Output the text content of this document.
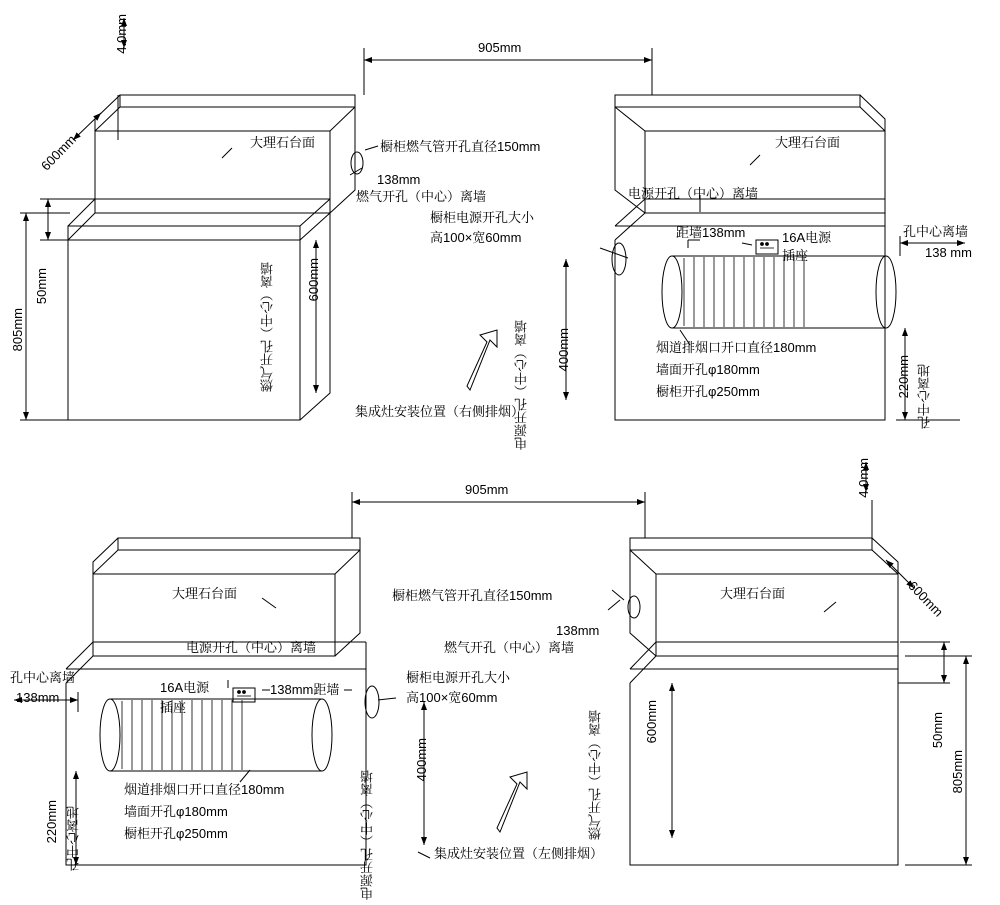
4.0mm	905mm
600mm
805mm
50mm
大理石台面	大理石台面
橱柜燃气管开孔直径150mm
138mm
燃气开孔（中心）离墙
燃气开孔（中心）离墙
橱柜电源开孔大小
高100×宽60mm
电源开孔（中心）离墙
电源开孔（中心）离墙 400mm
600mm
距墙138mm	16A电源
插座
孔中心离墙
138 mm
烟道排烟口开口直径180mm
墙面开孔φ180mm
橱柜开孔φ250mm	220mm 孔中心离地
集成灶安装位置（右侧排烟）
905mm	4.0mm
600mm
805mm
50mm
大理石台面	大理石台面
橱柜燃气管开孔直径150mm
138mm
燃气开孔（中心）离墙
燃气开孔（中心）离墙
橱柜电源开孔大小
高100×宽60mm
电源开孔（中心）离墙
电源开孔（中心）离墙
400mm
600mm
138mm距墙
16A电源
插座
孔中心离墙
138mm
烟道排烟口开口直径180mm
墙面开孔φ180mm
橱柜开孔φ250mm
220mm 孔中心离地	集成灶安装位置（左侧排烟）
